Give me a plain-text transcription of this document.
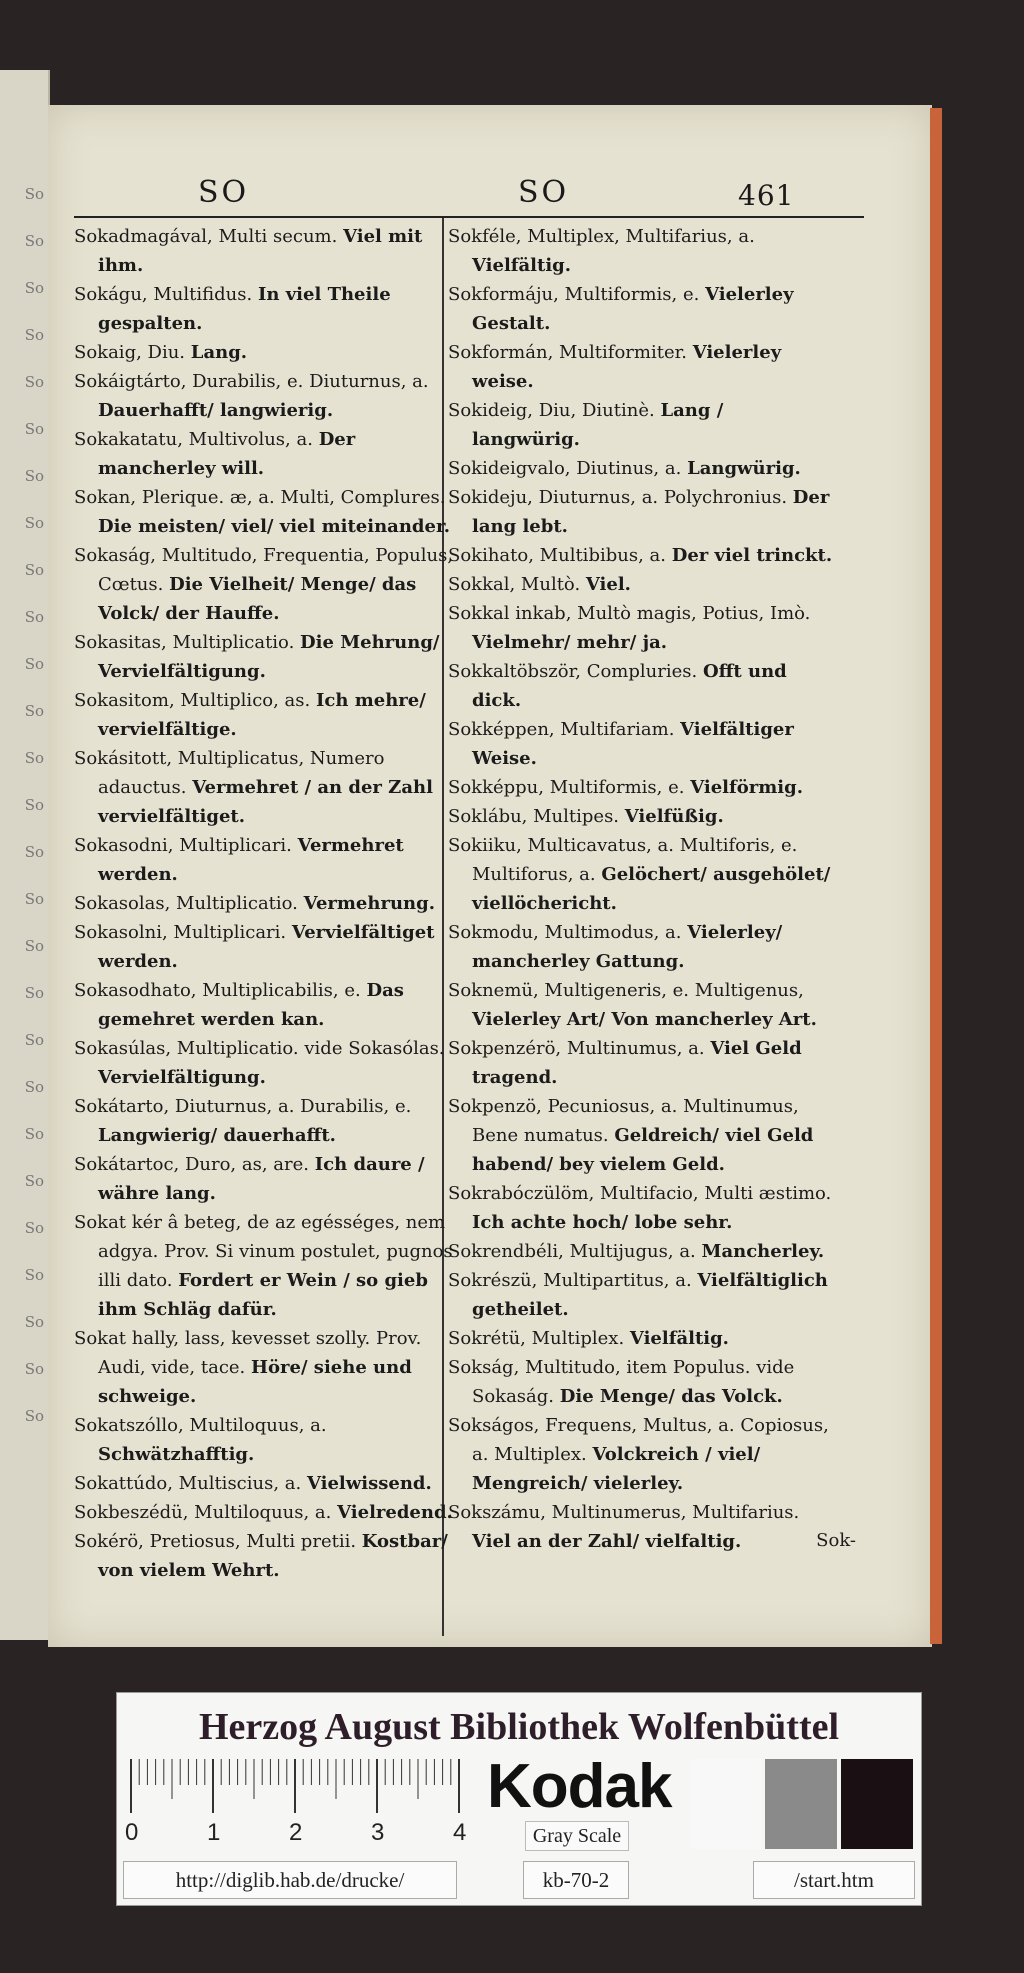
So
So
So
So
So
So
So
So
So
So
So
So
So
So
So
So
So
So
So
So
So
So
So
So
So
So
So
SO	SO	461

Sokadmagával, Multi secum. Viel mit ihm.

Sokágu, Multifidus. In viel Theile gespalten.

Sokaig, Diu. Lang.

Sokáigtárto, Durabilis, e. Diuturnus, a. Dauerhafft/ langwierig.

Sokakatatu, Multivolus, a. Der mancherley will.

Sokan, Plerique. æ, a. Multi, Complures. Die meisten/ viel/ viel miteinander.

Sokaság, Multitudo, Frequentia, Populus, Cœtus. Die Vielheit/ Menge/ das Volck/ der Hauffe.

Sokasitas, Multiplicatio. Die Mehrung/ Vervielfältigung.

Sokasitom, Multiplico, as. Ich mehre/ vervielfältige.

Sokásitott, Multiplicatus, Numero adauctus. Vermehret / an der Zahl vervielfältiget.

Sokasodni, Multiplicari. Vermehret werden.

Sokasolas, Multiplicatio. Vermehrung.

Sokasolni, Multiplicari. Vervielfältiget werden.

Sokasodhato, Multiplicabilis, e. Das gemehret werden kan.

Sokasúlas, Multiplicatio. vide Sokasólas. Vervielfältigung.

Sokátarto, Diuturnus, a. Durabilis, e. Langwierig/ dauerhafft.

Sokátartoc, Duro, as, are. Ich daure / währe lang.

Sokat kér â beteg, de az egésséges, nem adgya. Prov. Si vinum postulet, pugnos illi dato. Fordert er Wein / so gieb ihm Schläg dafür.

Sokat hally, lass, kevesset szolly. Prov. Audi, vide, tace. Höre/ siehe und schweige.

Sokatszóllo, Multiloquus, a. Schwätzhafftig.

Sokattúdo, Multiscius, a. Vielwissend.

Sokbeszédü, Multiloquus, a. Vielredend.

Sokérö, Pretiosus, Multi pretii. Kostbar/ von vielem Wehrt.

Sokféle, Multiplex, Multifarius, a. Vielfältig.

Sokformáju, Multiformis, e. Vielerley Gestalt.

Sokformán, Multiformiter. Vielerley weise.

Sokideig, Diu, Diutinè. Lang / langwürig.

Sokideigvalo, Diutinus, a. Langwürig.

Sokideju, Diuturnus, a. Polychronius. Der lang lebt.

Sokihato, Multibibus, a. Der viel trinckt.

Sokkal, Multò. Viel.

Sokkal inkab, Multò magis, Potius, Imò. Vielmehr/ mehr/ ja.

Sokkaltöbször, Compluries. Offt und dick.

Sokképpen, Multifariam. Vielfältiger Weise.

Sokképpu, Multiformis, e. Vielförmig.

Soklábu, Multipes. Vielfüßig.

Sokiiku, Multicavatus, a. Multiforis, e. Multiforus, a. Gelöchert/ ausgehölet/ viellöchericht.

Sokmodu, Multimodus, a. Vielerley/ mancherley Gattung.

Soknemü, Multigeneris, e. Multigenus, Vielerley Art/ Von mancherley Art.

Sokpenzérö, Multinumus, a. Viel Geld tragend.

Sokpenzö, Pecuniosus, a. Multinumus, Bene numatus. Geldreich/ viel Geld habend/ bey vielem Geld.

Sokrabóczülöm, Multifacio, Multi æstimo. Ich achte hoch/ lobe sehr.

Sokrendbéli, Multijugus, a. Mancherley.

Sokrészü, Multipartitus, a. Vielfältiglich getheilet.

Sokrétü, Multiplex. Vielfältig.

Sokság, Multitudo, item Populus. vide Sokaság. Die Menge/ das Volck.

Sokságos, Frequens, Multus, a. Copiosus, a. Multiplex. Volckreich / viel/ Mengreich/ vielerley.

Sokszámu, Multinumerus, Multifarius. Viel an der Zahl/ vielfaltig.	Sok-
Herzog August Bibliothek Wolfenbüttel
0	1	2	3	4
Kodak
Gray Scale
http://diglib.hab.de/drucke/	kb-70-2	/start.htm
